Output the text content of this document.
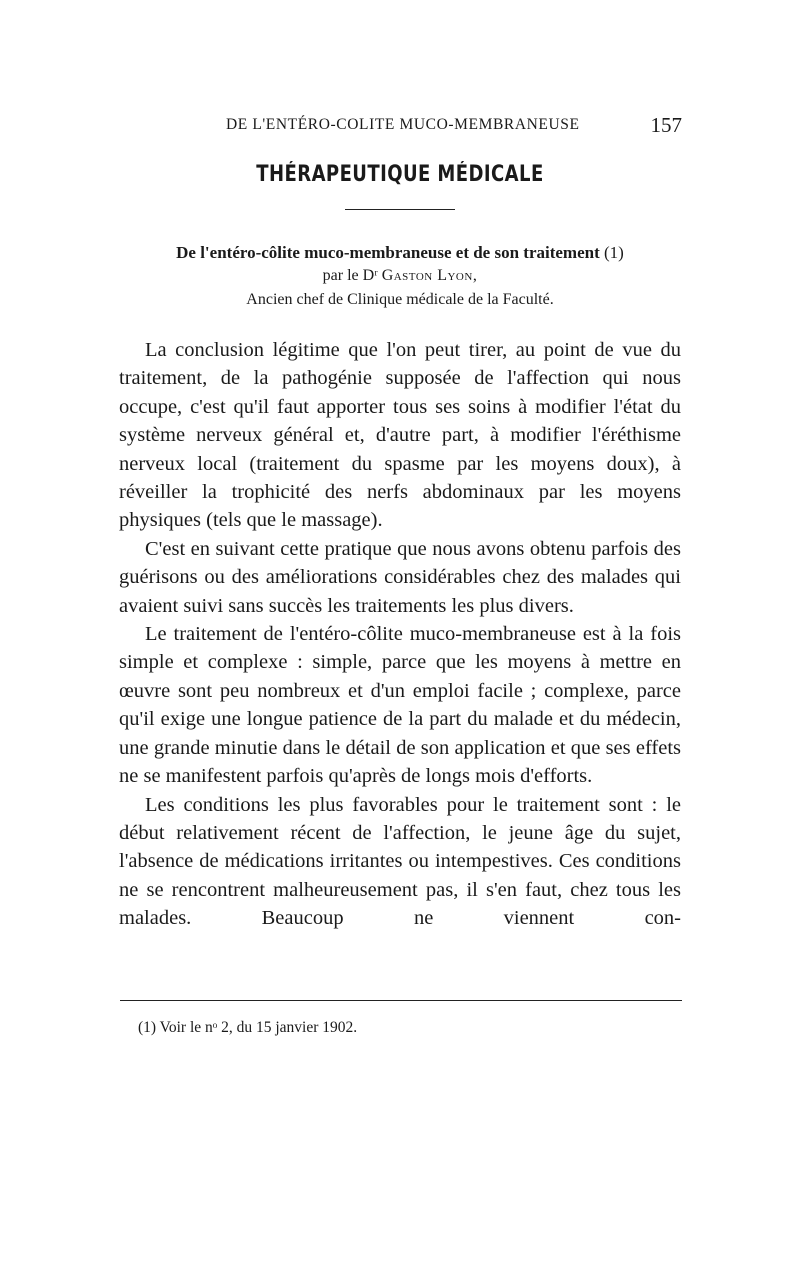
DE L'ENTÉRO-COLITE MUCO-MEMBRANEUSE	157
THÉRAPEUTIQUE MÉDICALE
De l'entéro-côlite muco-membraneuse et de son traitement (1)
par le Dʳ Gaston Lyon,
Ancien chef de Clinique médicale de la Faculté.

La conclusion légitime que l'on peut tirer, au point de vue du traitement, de la pathogénie supposée de l'affection qui nous occupe, c'est qu'il faut apporter tous ses soins à modifier l'état du système nerveux général et, d'autre part, à modifier l'éréthisme nerveux local (traitement du spasme par les moyens doux), à réveiller la trophicité des nerfs abdominaux par les moyens physiques (tels que le massage).

C'est en suivant cette pratique que nous avons obtenu parfois des guérisons ou des améliorations considérables chez des malades qui avaient suivi sans succès les traitements les plus divers.

Le traitement de l'entéro-côlite muco-membraneuse est à la fois simple et complexe : simple, parce que les moyens à mettre en œuvre sont peu nombreux et d'un emploi facile ; complexe, parce qu'il exige une longue patience de la part du malade et du médecin, une grande minutie dans le détail de son application et que ses effets ne se manifestent parfois qu'après de longs mois d'efforts.

Les conditions les plus favorables pour le traitement sont : le début relativement récent de l'affection, le jeune âge du sujet, l'absence de médications irritantes ou intempestives. Ces conditions ne se rencontrent malheureusement pas, il s'en faut, chez tous les malades. Beaucoup ne viennent con-

(1) Voir le nᵒ 2, du 15 janvier 1902.
